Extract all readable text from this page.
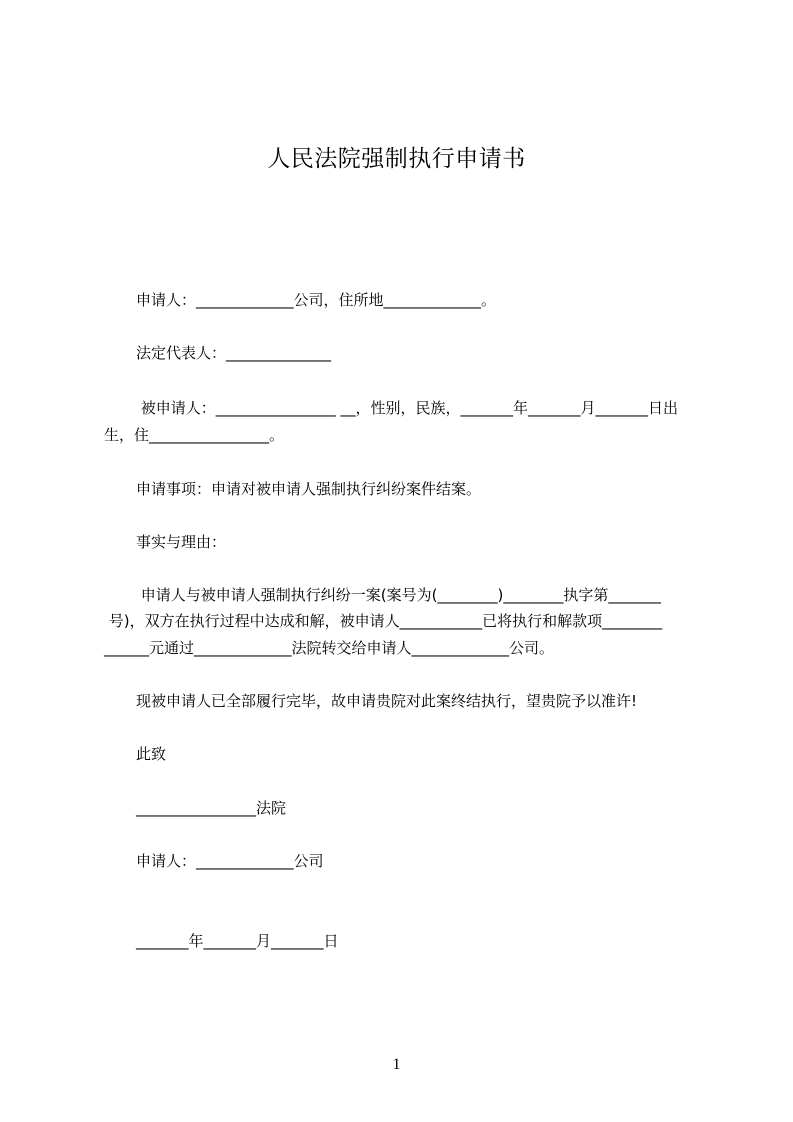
人民法院强制执行申请书
申请人：_____________公司，住所地_____________。
法定代表人：______________
被申请人：________________ __，性别，民族，_______年_______月_______日出
生，住________________。
申请事项：申请对被申请人强制执行纠纷案件结案。
事实与理由：
申请人与被申请人强制执行纠纷一案(案号为(________)________执字第_______
号)，双方在执行过程中达成和解，被申请人___________已将执行和解款项________
______元通过_____________法院转交给申请人_____________公司。
现被申请人已全部履行完毕，故申请贵院对此案终结执行，望贵院予以准许!
此致
________________法院
申请人：_____________公司
_______年_______月_______日
1
